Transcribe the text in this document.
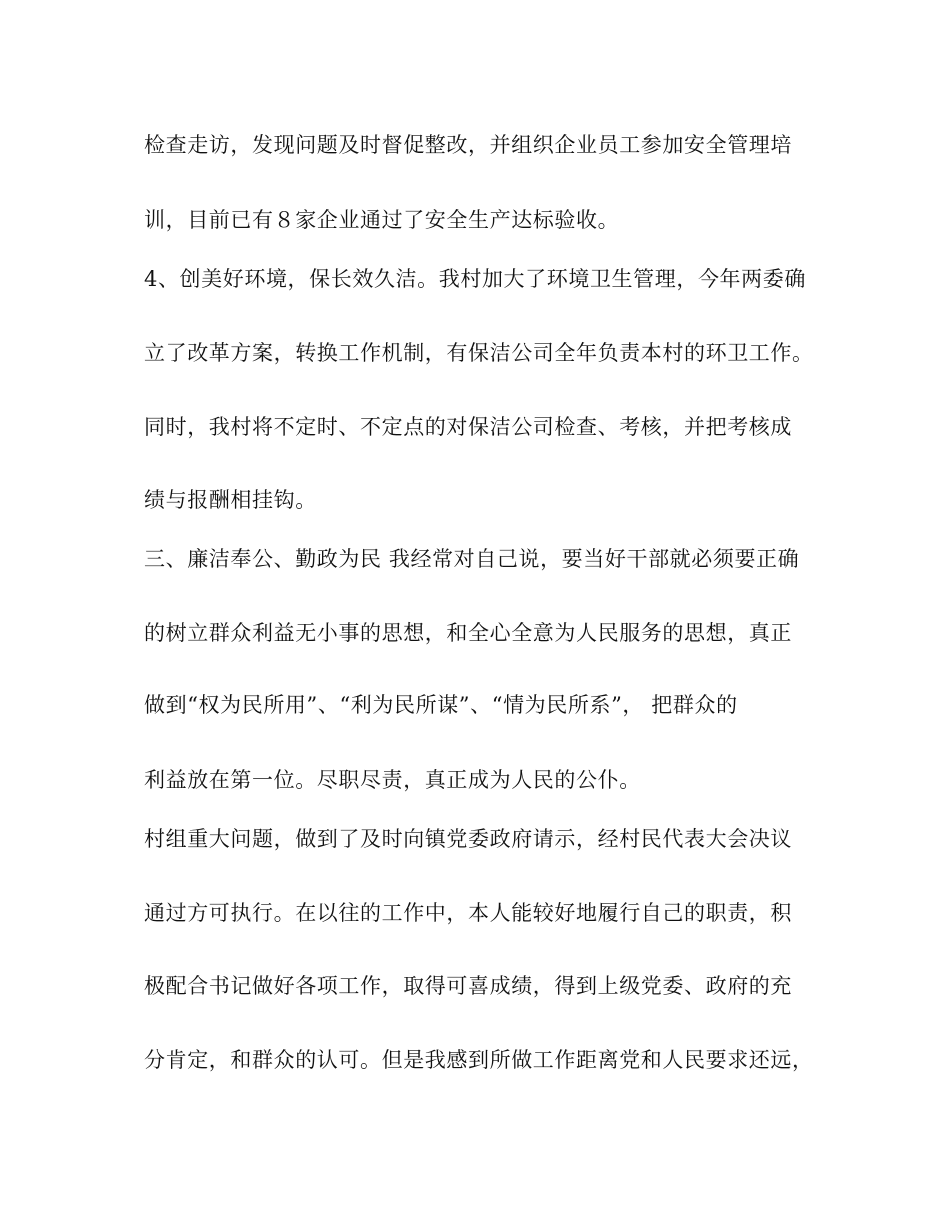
检查走访，发现问题及时督促整改，并组织企业员工参加安全管理培
训，目前已有８家企业通过了安全生产达标验收。
4、创美好环境，保长效久洁。我村加大了环境卫生管理，今年两委确
立了改革方案，转换工作机制，有保洁公司全年负责本村的环卫工作。
同时，我村将不定时、不定点的对保洁公司检查、考核，并把考核成
绩与报酬相挂钩。
三、廉洁奉公、勤政为民 我经常对自己说，要当好干部就必须要正确
的树立群众利益无小事的思想，和全心全意为人民服务的思想，真正
做到“权为民所用”、“利为民所谋”、“情为民所系”， 把群众的
利益放在第一位。尽职尽责，真正成为人民的公仆。
村组重大问题，做到了及时向镇党委政府请示，经村民代表大会决议
通过方可执行。在以往的工作中，本人能较好地履行自己的职责，积
极配合书记做好各项工作，取得可喜成绩，得到上级党委、政府的充
分肯定，和群众的认可。但是我感到所做工作距离党和人民要求还远，
